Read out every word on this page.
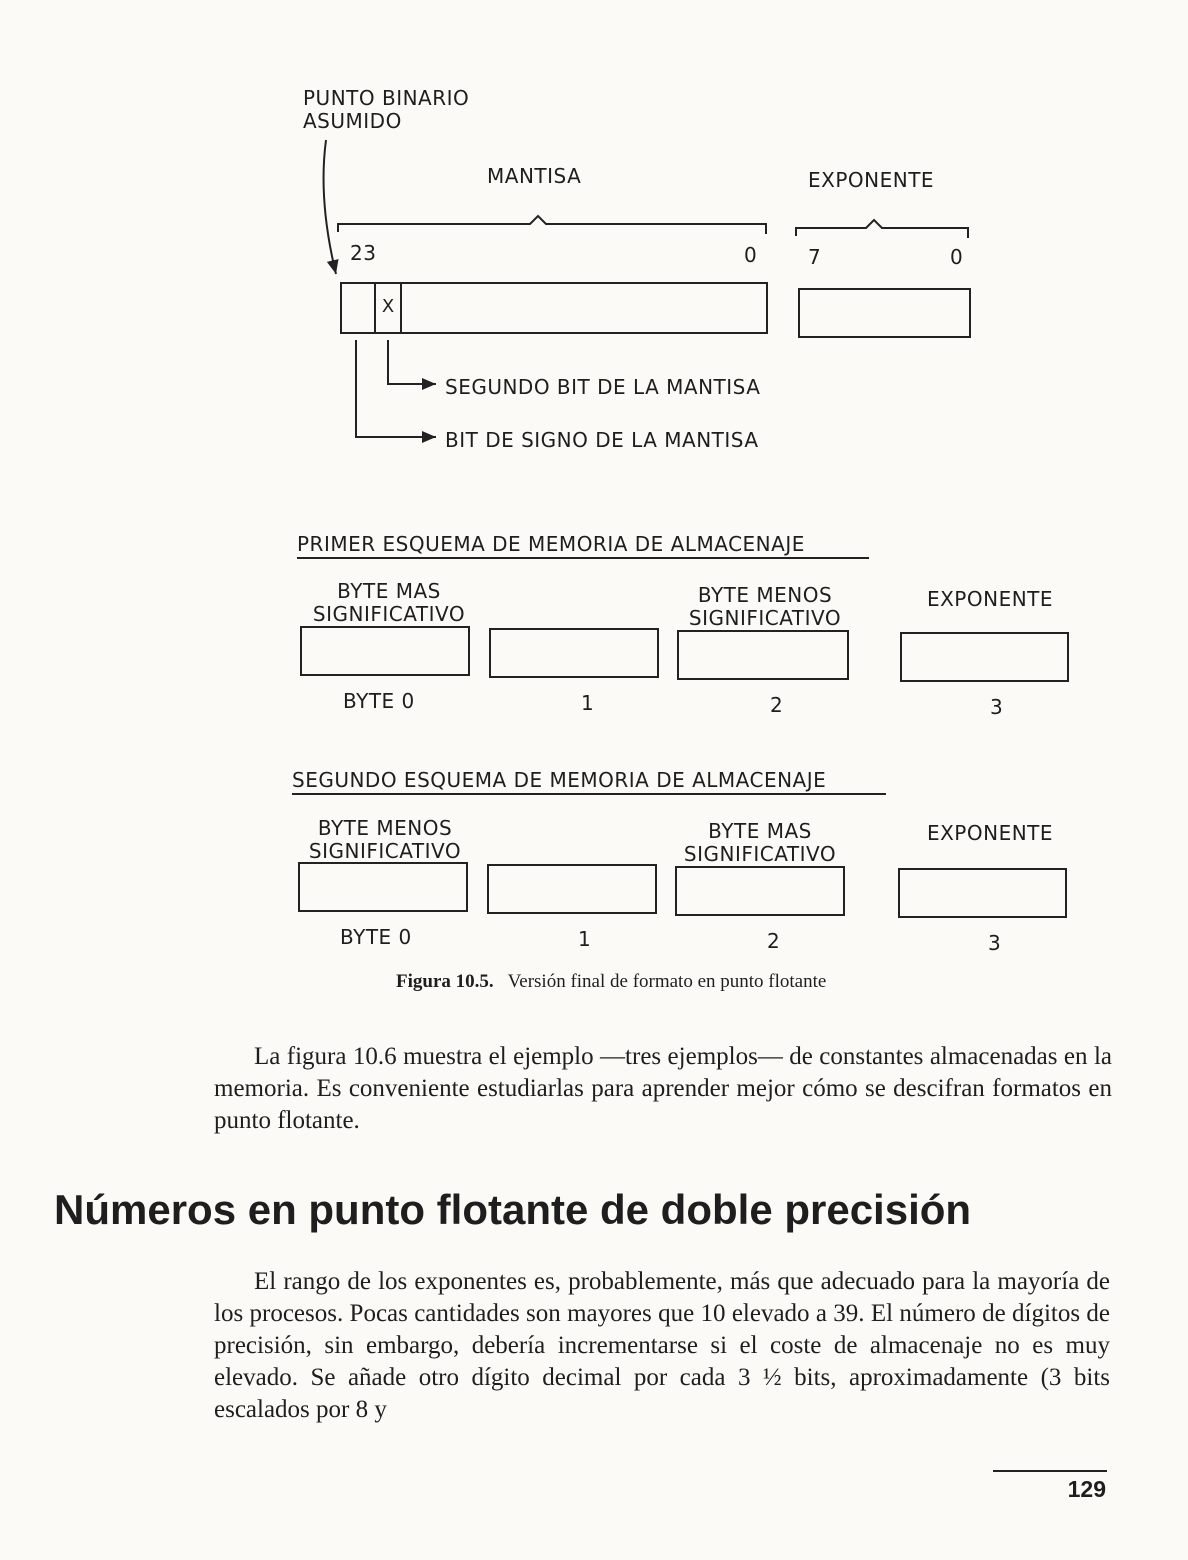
PUNTO BINARIO
ASUMIDO
MANTISA	EXPONENTE
23	0	7	0
X
SEGUNDO BIT DE LA MANTISA
BIT DE SIGNO DE LA MANTISA
PRIMER ESQUEMA DE MEMORIA DE ALMACENAJE
BYTE MAS
SIGNIFICATIVO
BYTE MENOS
SIGNIFICATIVO
EXPONENTE
BYTE 0	1	2	3
SEGUNDO ESQUEMA DE MEMORIA DE ALMACENAJE
BYTE MENOS
SIGNIFICATIVO
BYTE MAS
SIGNIFICATIVO
EXPONENTE
BYTE 0	1	2	3
Figura 10.5. Versión final de formato en punto flotante
La figura 10.6 muestra el ejemplo —tres ejemplos— de constantes almacenadas en la memoria. Es conveniente estudiarlas para aprender mejor cómo se descifran formatos en punto flotante.
Números en punto flotante de doble precisión
El rango de los exponentes es, probablemente, más que adecuado para la mayoría de los procesos. Pocas cantidades son mayores que 10 elevado a 39. El número de dígitos de precisión, sin embargo, debería incrementarse si el coste de almacenaje no es muy elevado. Se añade otro dígito decimal por cada 3 ½ bits, aproximadamente (3 bits escalados por 8 y
129
